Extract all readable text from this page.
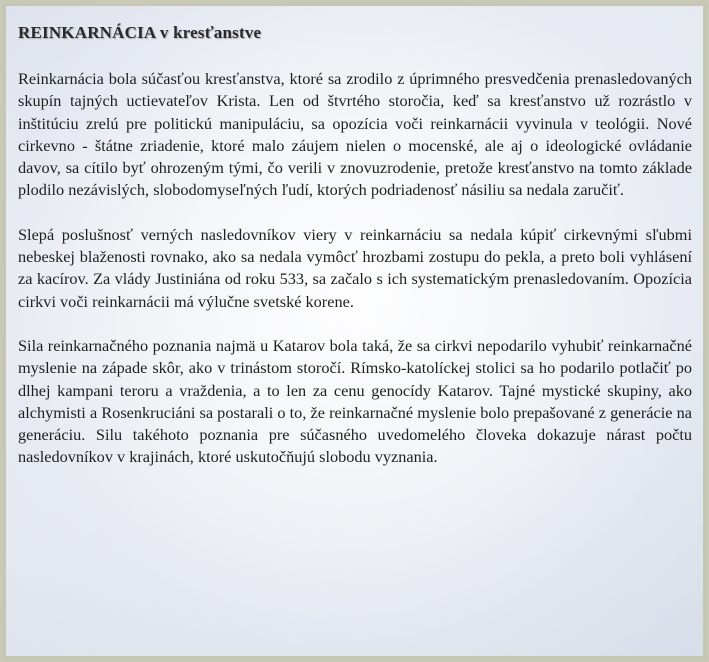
REINKARNÁCIA v kresťanstve

Reinkarnácia bola súčasťou kresťanstva, ktoré sa zrodilo z úprimného presvedčenia prenasledovaných skupín tajných uctievateľov Krista. Len od štvrtého storočia, keď sa kresťanstvo už rozrástlo v inštitúciu zrelú pre politickú manipuláciu, sa opozícia voči reinkarnácii vyvinula v teológii. Nové cirkevno - štátne zriadenie, ktoré malo záujem nielen o mocenské, ale aj o ideologické ovládanie davov, sa cítilo byť ohrozeným tými, čo verili v znovuzrodenie, pretože kresťanstvo na tomto základe plodilo nezávislých, slobodomyseľných ľudí, ktorých podriadenosť násiliu sa nedala zaručiť.

Slepá poslušnosť verných nasledovníkov viery v reinkarnáciu sa nedala kúpiť cirkevnými sľubmi nebeskej blaženosti rovnako, ako sa nedala vymôcť hrozbami zostupu do pekla, a preto boli vyhlásení za kacírov. Za vlády Justiniána od roku 533, sa začalo s ich systematickým prenasledovaním. Opozícia cirkvi voči reinkarnácii má výlučne svetské korene.

Sila reinkarnačného poznania najmä u Katarov bola taká, že sa cirkvi nepodarilo vyhubiť reinkarnačné myslenie na západe skôr, ako v trinástom storočí. Rímsko-katolíckej stolici sa ho podarilo potlačiť po dlhej kampani teroru a vraždenia, a to len za cenu genocídy Katarov. Tajné mystické skupiny, ako alchymisti a Rosenkruciáni sa postarali o to, že reinkarnačné myslenie bolo prepašované z generácie na generáciu. Silu takéhoto poznania pre súčasného uvedomelého človeka dokazuje nárast počtu nasledovníkov v krajinách, ktoré uskutočňujú slobodu vyznania.
